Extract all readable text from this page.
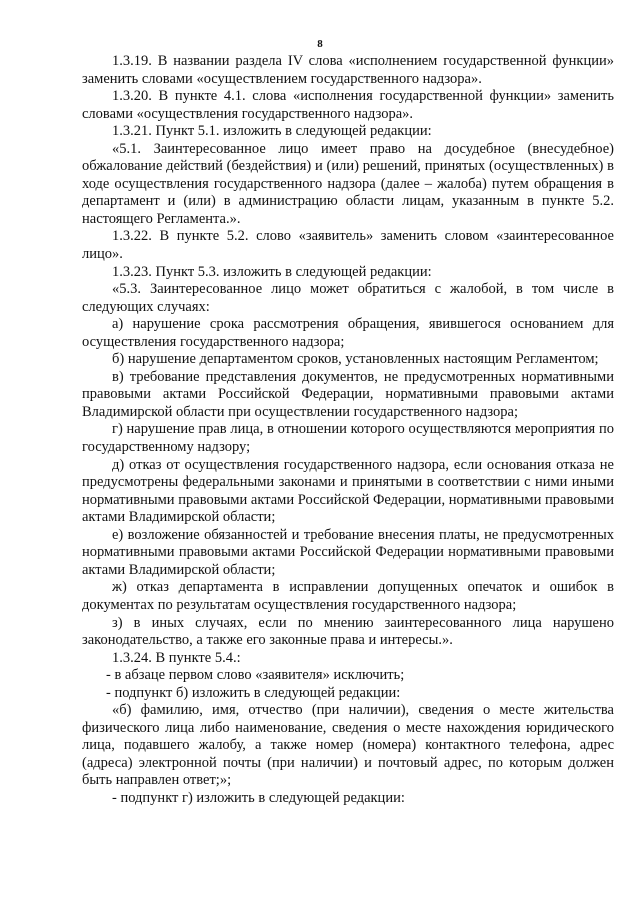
8

1.3.19. В названии раздела IV слова «исполнением государственной функции» заменить словами «осуществлением государственного надзора».

1.3.20. В пункте 4.1. слова «исполнения государственной функции» заменить словами «осуществления государственного надзора».

1.3.21. Пункт 5.1. изложить в следующей редакции:

«5.1. Заинтересованное лицо имеет право на досудебное (внесудебное) обжалование действий (бездействия) и (или) решений, принятых (осуществленных) в ходе осуществления государственного надзора (далее – жалоба) путем обращения в департамент и (или) в администрацию области лицам, указанным в пункте 5.2. настоящего Регламента.».

1.3.22. В пункте 5.2. слово «заявитель» заменить словом «заинтересованное лицо».

1.3.23. Пункт 5.3. изложить в следующей редакции:

«5.3. Заинтересованное лицо может обратиться с жалобой, в том числе в следующих случаях:

а) нарушение срока рассмотрения обращения, явившегося основанием для осуществления государственного надзора;

б) нарушение департаментом сроков, установленных настоящим Регламентом;

в) требование представления документов, не предусмотренных нормативными правовыми актами Российской Федерации, нормативными правовыми актами Владимирской области при осуществлении государственного надзора;

г) нарушение прав лица, в отношении которого осуществляются мероприятия по государственному надзору;

д) отказ от осуществления государственного надзора, если основания отказа не предусмотрены федеральными законами и принятыми в соответствии с ними иными нормативными правовыми актами Российской Федерации, нормативными правовыми актами Владимирской области;

е) возложение обязанностей и требование внесения платы, не предусмотренных нормативными правовыми актами Российской Федерации нормативными правовыми актами Владимирской области;

ж) отказ департамента в исправлении допущенных опечаток и ошибок в документах по результатам осуществления государственного надзора;

з) в иных случаях, если по мнению заинтересованного лица нарушено законодательство, а также его законные права и интересы.».

1.3.24. В пункте 5.4.:

- в абзаце первом слово «заявителя» исключить;

- подпункт б) изложить в следующей редакции:

«б) фамилию, имя, отчество (при наличии), сведения о месте жительства физического лица либо наименование, сведения о месте нахождения юридического лица, подавшего жалобу, а также номер (номера) контактного телефона, адрес (адреса) электронной почты (при наличии) и почтовый адрес, по которым должен быть направлен ответ;»;

- подпункт г) изложить в следующей редакции:
